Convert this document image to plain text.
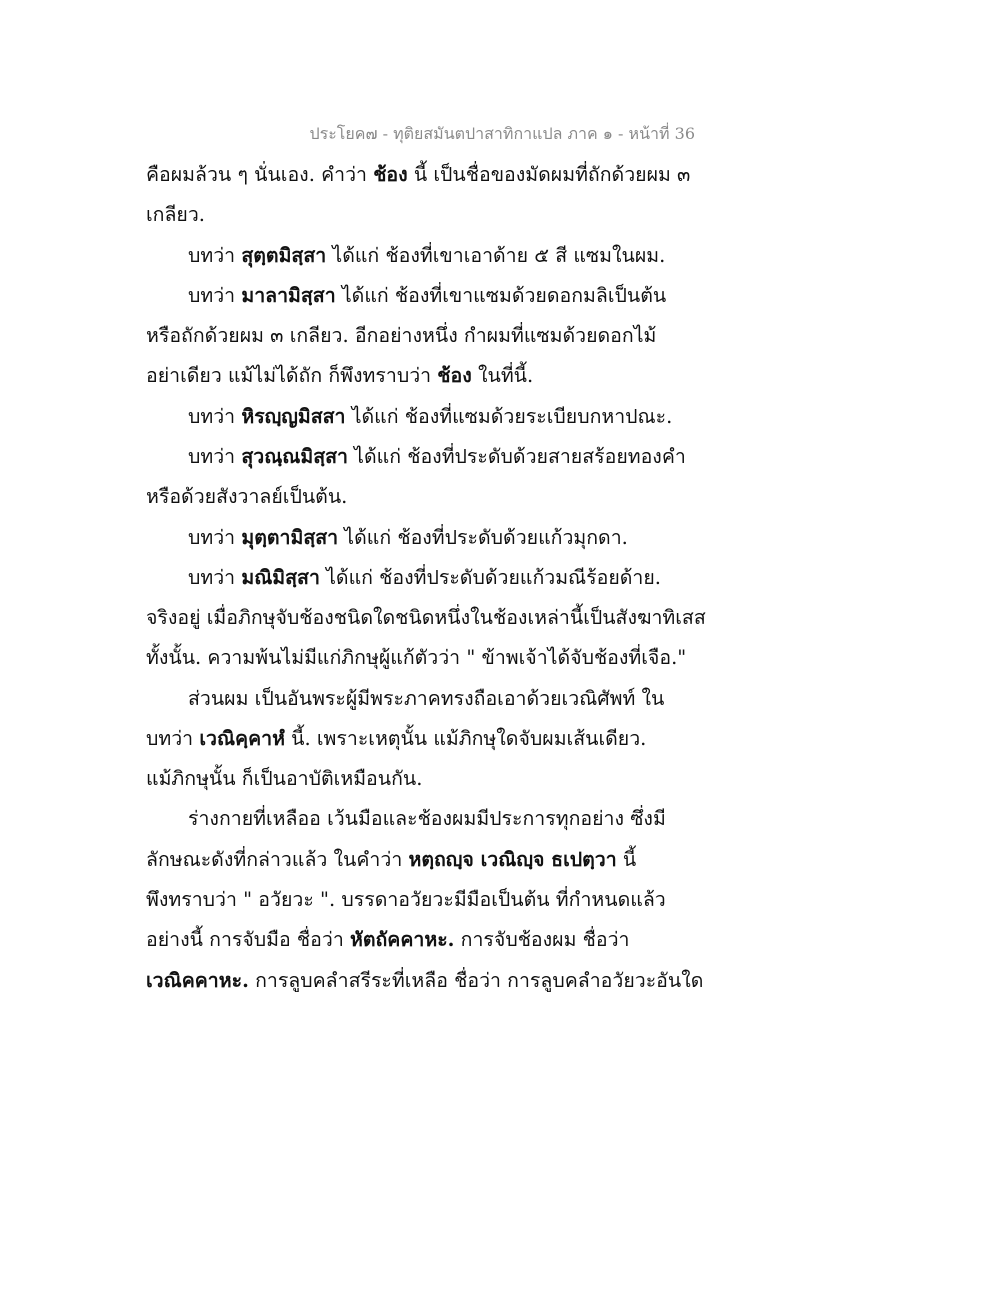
ประโยค๗ - ทุติยสมันตปาสาทิกาแปล ภาค ๑ - หน้าที่ 36
คือผมล้วน ๆ นั่นเอง. คำว่า ช้อง นี้ เป็นชื่อของมัดผมที่ถักด้วยผม ๓
เกลียว.
บทว่า สุตฺตมิสฺสา ได้แก่ ช้องที่เขาเอาด้าย ๕ สี แซมในผม.
บทว่า มาลามิสฺสา ได้แก่ ช้องที่เขาแซมด้วยดอกมลิเป็นต้น
หรือถักด้วยผม ๓ เกลียว. อีกอย่างหนึ่ง กำผมที่แซมด้วยดอกไม้
อย่าเดียว แม้ไม่ได้ถัก ก็พึงทราบว่า ช้อง ในที่นี้.
บทว่า หิรญฺญมิสสา ได้แก่ ช้องที่แซมด้วยระเบียบกหาปณะ.
บทว่า สุวณฺณมิสฺสา ได้แก่ ช้องที่ประดับด้วยสายสร้อยทองคำ
หรือด้วยสังวาลย์เป็นต้น.
บทว่า มุตฺตามิสฺสา ได้แก่ ช้องที่ประดับด้วยแก้วมุกดา.
บทว่า มณิมิสฺสา ได้แก่ ช้องที่ประดับด้วยแก้วมณีร้อยด้าย.
จริงอยู่ เมื่อภิกษุจับช้องชนิดใดชนิดหนึ่งในช้องเหล่านี้เป็นสังฆาทิเสส
ทั้งนั้น. ความพ้นไม่มีแก่ภิกษุผู้แก้ตัวว่า " ข้าพเจ้าได้จับช้องที่เจือ."
ส่วนผม เป็นอันพระผู้มีพระภาคทรงถือเอาด้วยเวณิศัพท์ ใน
บทว่า เวณิคฺคาหํ นี้. เพราะเหตุนั้น แม้ภิกษุใดจับผมเส้นเดียว.
แม้ภิกษุนั้น ก็เป็นอาบัติเหมือนกัน.
ร่างกายที่เหลืออ เว้นมือและช้องผมมีประการทุกอย่าง ซึ่งมี
ลักษณะดังที่กล่าวแล้ว ในคำว่า หตฺถญฺจ เวณิญฺจ ธเปตฺวา นี้
พึงทราบว่า " อวัยวะ ". บรรดาอวัยวะมีมือเป็นต้น ที่กำหนดแล้ว
อย่างนี้ การจับมือ ชื่อว่า หัตถัคคาหะ. การจับช้องผม ชื่อว่า
เวณิคคาหะ. การลูบคลำสรีระที่เหลือ ชื่อว่า การลูบคลำอวัยวะอันใด
